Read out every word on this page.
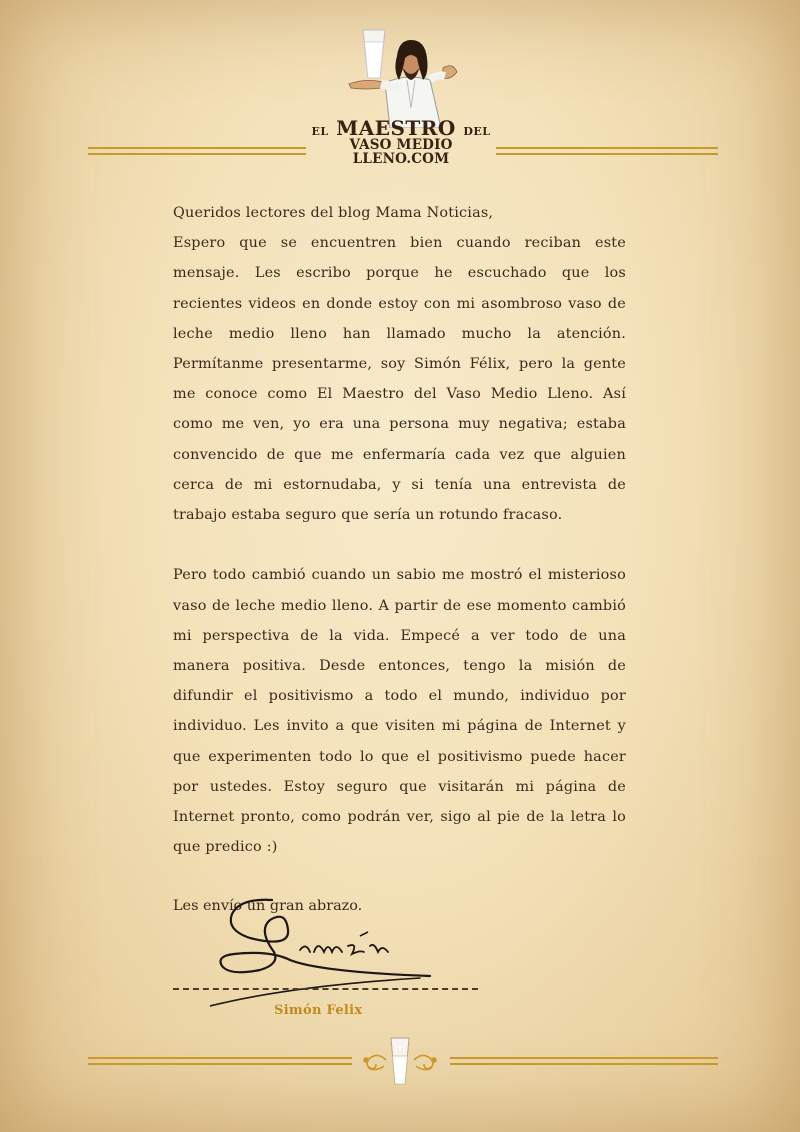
EL MAESTRO DEL
VASO MEDIO LLENO.COM

Queridos lectores del blog Mama Noticias,

Espero que se encuentren bien cuando reciban este mensaje. Les escribo porque he escuchado que los recientes videos en donde estoy con mi asombroso vaso de leche medio lleno han llamado mucho la atención. Permítanme presentarme, soy Simón Félix, pero la gente me conoce como El Maestro del Vaso Medio Lleno. Así como me ven, yo era una persona muy negativa; estaba convencido de que me enfermaría cada vez que alguien cerca de mi estornudaba, y si tenía una entrevista de trabajo estaba seguro que sería un rotundo fracaso.

Pero todo cambió cuando un sabio me mostró el misterioso vaso de leche medio lleno. A partir de ese momento cambió mi perspectiva de la vida. Empecé a ver todo de una manera positiva. Desde entonces, tengo la misión de difundir el positivismo a todo el mundo, individuo por individuo. Les invito a que visiten mi página de Internet y que experimenten todo lo que el positivismo puede hacer por ustedes. Estoy seguro que visitarán mi página de Internet pronto, como podrán ver, sigo al pie de la letra lo que predico :)

Les envío un gran abrazo.
Simón Felix
